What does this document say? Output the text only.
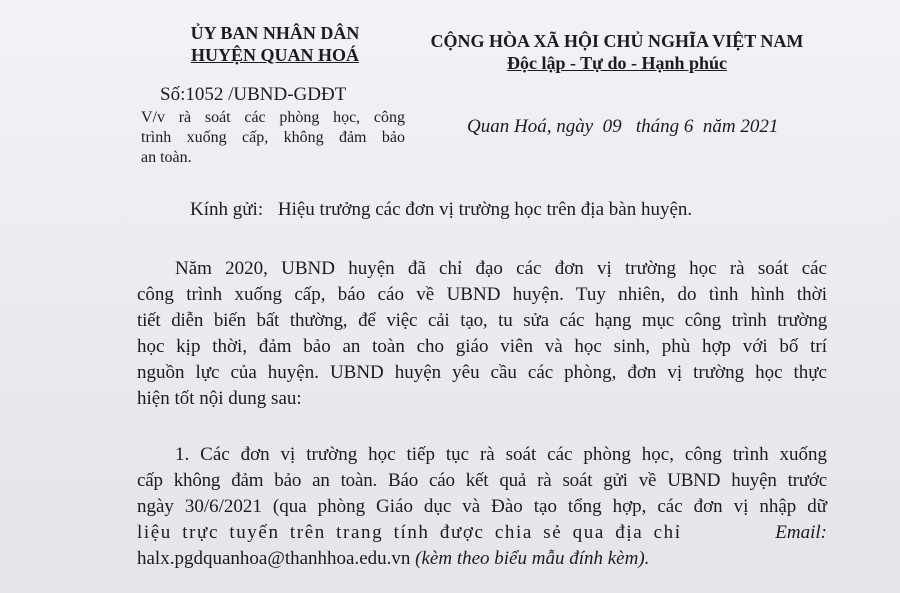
ỦY BAN NHÂN DÂN
HUYỆN QUAN HOÁ
CỘNG HÒA XÃ HỘI CHỦ NGHĨA VIỆT NAM
Độc lập - Tự do - Hạnh phúc
Số:1052 /UBND-GDĐT
V/v rà soát các phòng học, công
trình xuống cấp, không đảm bảo
an toàn.
Quan Hoá, ngày  09   tháng 6  năm 2021
Kính gửi: Hiệu trưởng các đơn vị trường học trên địa bàn huyện.
Năm 2020, UBND huyện đã chỉ đạo các đơn vị trường học rà soát các
công trình xuống cấp, báo cáo về UBND huyện. Tuy nhiên, do tình hình thời
tiết diễn biến bất thường, để việc cải tạo, tu sửa các hạng mục công trình trường
học kịp thời, đảm bảo an toàn cho giáo viên và học sinh, phù hợp với bố trí
nguồn lực của huyện. UBND huyện yêu cầu các phòng, đơn vị trường học thực
hiện tốt nội dung sau:
1. Các đơn vị trường học tiếp tục rà soát các phòng học, công trình xuống
cấp không đảm bảo an toàn. Báo cáo kết quả rà soát gửi về UBND huyện trước
ngày 30/6/2021 (qua phòng Giáo dục và Đào tạo tổng hợp, các đơn vị nhập dữ
liệu trực tuyến trên trang tính được chia sẻ qua địa chỉ	Email:
halx.pgdquanhoa@thanhhoa.edu.vn (kèm theo biểu mẫu đính kèm).
